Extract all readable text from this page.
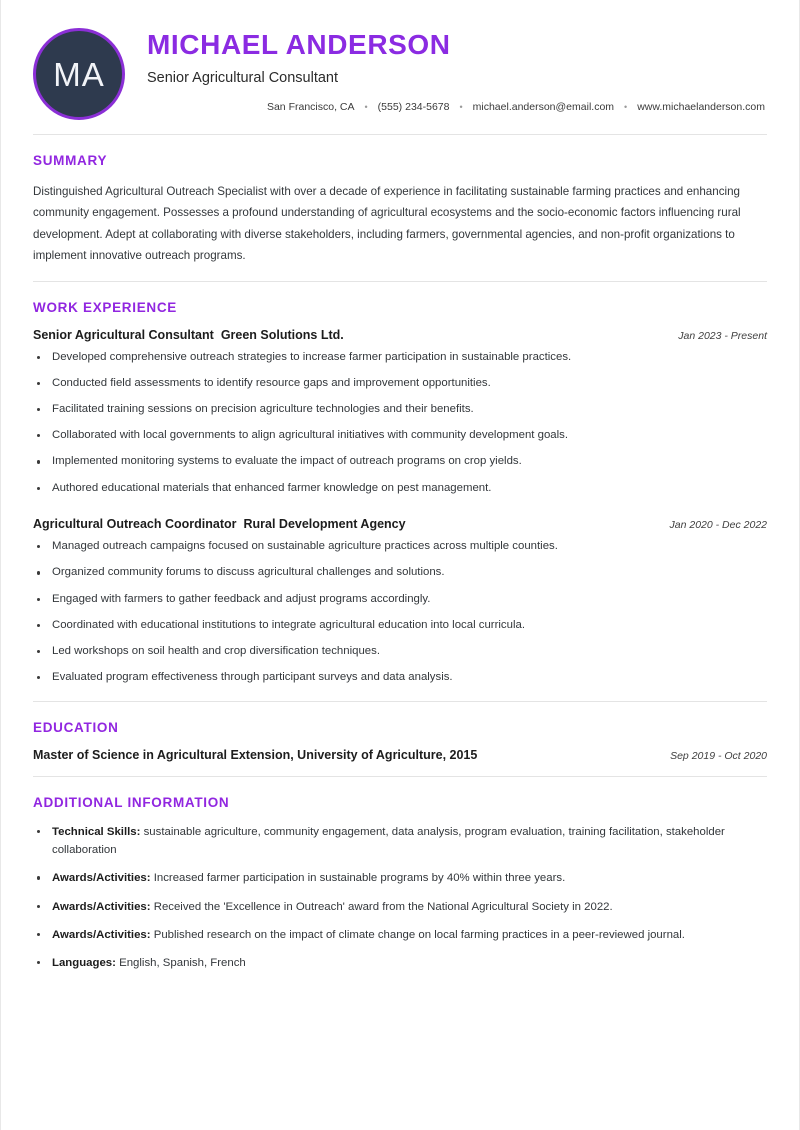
MA
MICHAEL ANDERSON
Senior Agricultural Consultant
San Francisco, CA • (555) 234-5678 • michael.anderson@email.com • www.michaelanderson.com
SUMMARY

Distinguished Agricultural Outreach Specialist with over a decade of experience in facilitating sustainable farming practices and enhancing community engagement. Possesses a profound understanding of agricultural ecosystems and the socio-economic factors influencing rural development. Adept at collaborating with diverse stakeholders, including farmers, governmental agencies, and non-profit organizations to implement innovative outreach programs.

WORK EXPERIENCE
Senior Agricultural Consultant Green Solutions Ltd.	Jan 2023 - Present
Developed comprehensive outreach strategies to increase farmer participation in sustainable practices.
Conducted field assessments to identify resource gaps and improvement opportunities.
Facilitated training sessions on precision agriculture technologies and their benefits.
Collaborated with local governments to align agricultural initiatives with community development goals.
Implemented monitoring systems to evaluate the impact of outreach programs on crop yields.
Authored educational materials that enhanced farmer knowledge on pest management.
Agricultural Outreach Coordinator Rural Development Agency	Jan 2020 - Dec 2022
Managed outreach campaigns focused on sustainable agriculture practices across multiple counties.
Organized community forums to discuss agricultural challenges and solutions.
Engaged with farmers to gather feedback and adjust programs accordingly.
Coordinated with educational institutions to integrate agricultural education into local curricula.
Led workshops on soil health and crop diversification techniques.
Evaluated program effectiveness through participant surveys and data analysis.
EDUCATION
Master of Science in Agricultural Extension, University of Agriculture, 2015	Sep 2019 - Oct 2020
ADDITIONAL INFORMATION
Technical Skills: sustainable agriculture, community engagement, data analysis, program evaluation, training facilitation, stakeholder collaboration
Awards/Activities: Increased farmer participation in sustainable programs by 40% within three years.
Awards/Activities: Received the 'Excellence in Outreach' award from the National Agricultural Society in 2022.
Awards/Activities: Published research on the impact of climate change on local farming practices in a peer-reviewed journal.
Languages: English, Spanish, French
